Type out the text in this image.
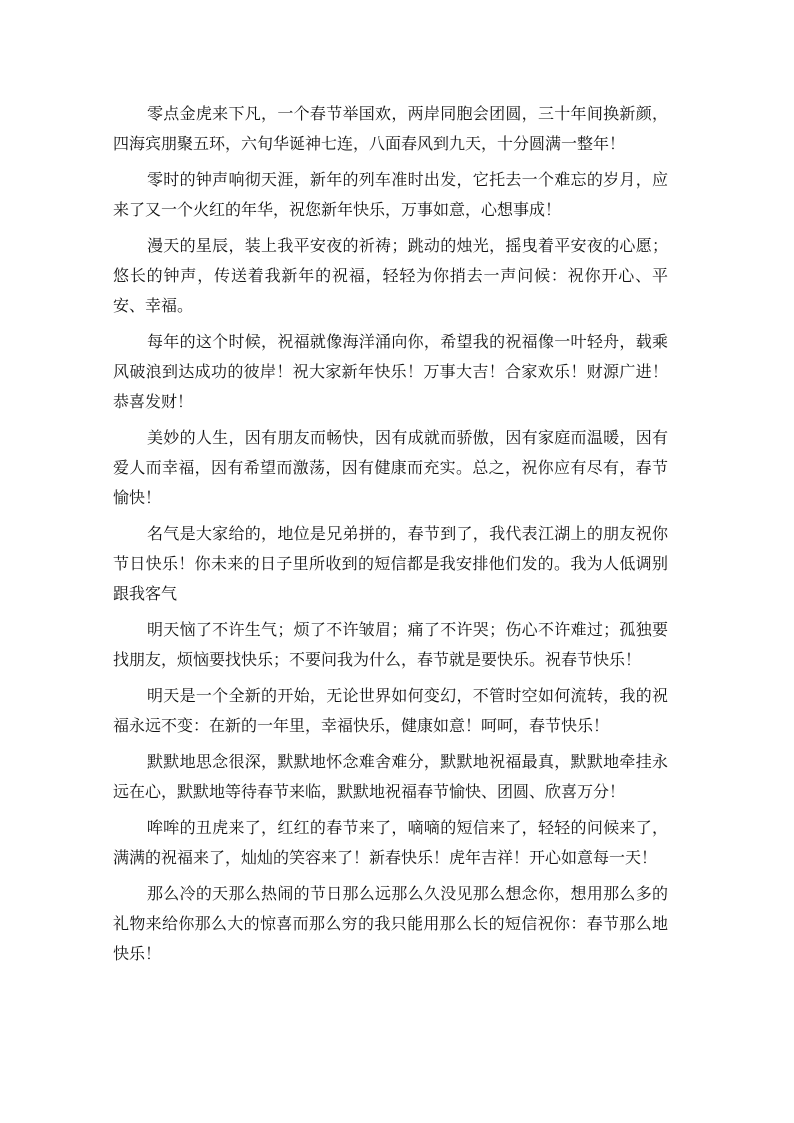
零点金虎来下凡，一个春节举国欢，两岸同胞会团圆，三十年间换新颜，四海宾朋聚五环，六旬华诞神七连，八面春风到九天，十分圆满一整年！

零时的钟声响彻天涯，新年的列车准时出发，它托去一个难忘的岁月，应来了又一个火红的年华，祝您新年快乐，万事如意，心想事成！

漫天的星辰，装上我平安夜的祈祷；跳动的烛光，摇曳着平安夜的心愿；悠长的钟声，传送着我新年的祝福，轻轻为你捎去一声问候：祝你开心、平安、幸福。

每年的这个时候，祝福就像海洋涌向你，希望我的祝福像一叶轻舟，载乘风破浪到达成功的彼岸！祝大家新年快乐！万事大吉！合家欢乐！财源广进！恭喜发财！

美妙的人生，因有朋友而畅快，因有成就而骄傲，因有家庭而温暖，因有爱人而幸福，因有希望而激荡，因有健康而充实。总之，祝你应有尽有，春节愉快！

名气是大家给的，地位是兄弟拼的，春节到了，我代表江湖上的朋友祝你节日快乐！你未来的日子里所收到的短信都是我安排他们发的。我为人低调别跟我客气

明天恼了不许生气；烦了不许皱眉；痛了不许哭；伤心不许难过；孤独要找朋友，烦恼要找快乐；不要问我为什么，春节就是要快乐。祝春节快乐！

明天是一个全新的开始，无论世界如何变幻，不管时空如何流转，我的祝福永远不变：在新的一年里，幸福快乐，健康如意！呵呵，春节快乐！

默默地思念很深，默默地怀念难舍难分，默默地祝福最真，默默地牵挂永远在心，默默地等待春节来临，默默地祝福春节愉快、团圆、欣喜万分！

哞哞的丑虎来了，红红的春节来了，嘀嘀的短信来了，轻轻的问候来了，满满的祝福来了，灿灿的笑容来了！新春快乐！虎年吉祥！开心如意每一天！

那么冷的天那么热闹的节日那么远那么久没见那么想念你，想用那么多的礼物来给你那么大的惊喜而那么穷的我只能用那么长的短信祝你：春节那么地快乐！
